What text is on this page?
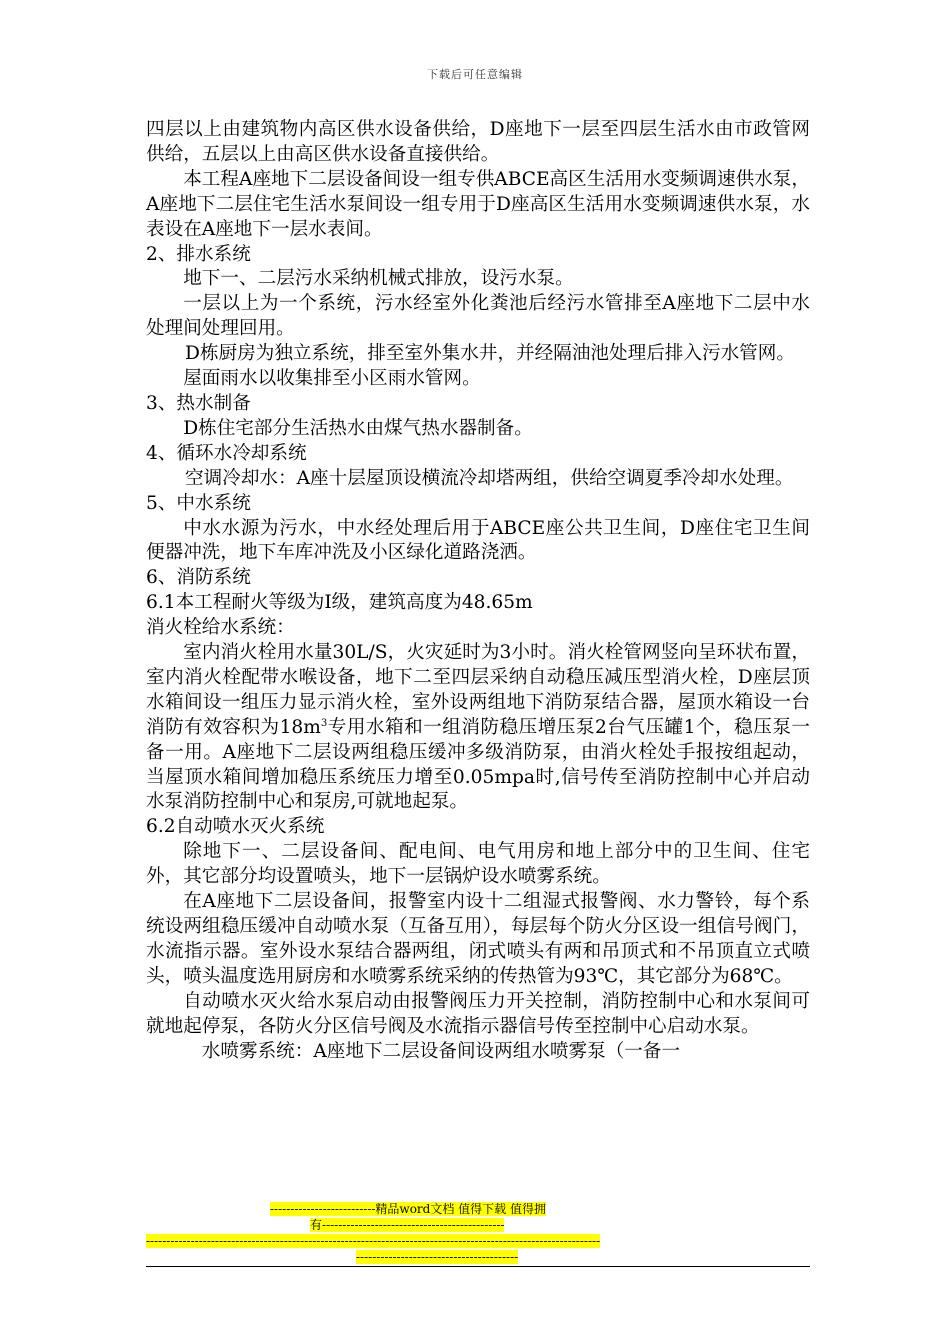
下载后可任意编辑

四层以上由建筑物内高区供水设备供给，D座地下一层至四层生活水由市政管网供给，五层以上由高区供水设备直接供给。

本工程A座地下二层设备间设一组专供ABCE高区生活用水变频调速供水泵，A座地下二层住宅生活水泵间设一组专用于D座高区生活用水变频调速供水泵，水表设在A座地下一层水表间。

2、排水系统

地下一、二层污水采纳机械式排放，设污水泵。

一层以上为一个系统，污水经室外化粪池后经污水管排至A座地下二层中水处理间处理回用。

D栋厨房为独立系统，排至室外集水井，并经隔油池处理后排入污水管网。

屋面雨水以收集排至小区雨水管网。

3、热水制备

D栋住宅部分生活热水由煤气热水器制备。

4、循环水冷却系统

空调冷却水：A座十层屋顶设横流冷却塔两组，供给空调夏季冷却水处理。

5、中水系统

中水水源为污水，中水经处理后用于ABCE座公共卫生间，D座住宅卫生间便器冲洗，地下车库冲洗及小区绿化道路浇洒。

6、消防系统

6.1本工程耐火等级为Ⅰ级，建筑高度为48.65m

消火栓给水系统：

室内消火栓用水量30L/S，火灾延时为3小时。消火栓管网竖向呈环状布置，室内消火栓配带水喉设备，地下二至四层采纳自动稳压减压型消火栓，D座层顶水箱间设一组压力显示消火栓，室外设两组地下消防泵结合器，屋顶水箱设一台消防有效容积为$18m^3$专用水箱和一组消防稳压增压泵2台气压罐1个，稳压泵一备一用。A座地下二层设两组稳压缓冲多级消防泵，由消火栓处手报按组起动，当屋顶水箱间增加稳压系统压力增至0.05mpa时,信号传至消防控制中心并启动水泵消防控制中心和泵房,可就地起泵。

6.2自动喷水灭火系统

除地下一、二层设备间、配电间、电气用房和地上部分中的卫生间、住宅外，其它部分均设置喷头，地下一层锅炉设水喷雾系统。

在A座地下二层设备间，报警室内设十二组湿式报警阀、水力警铃，每个系统设两组稳压缓冲自动喷水泵（互备互用），每层每个防火分区设一组信号阀门，水流指示器。室外设水泵结合器两组，闭式喷头有两和吊顶式和不吊顶直立式喷头，喷头温度选用厨房和水喷雾系统采纳的传热管为93℃，其它部分为68℃。

自动喷水灭火给水泵启动由报警阀压力开关控制，消防控制中心和水泵间可就地起停泵，各防火分区信号阀及水流指示器信号传至控制中心启动水泵。

水喷雾系统：A座地下二层设备间设两组水喷雾泵（一备一

--------------------------精品word文档 值得下载 值得拥
有---------------------------------------------
----------------------------------------------------------------------------------------------------------------
----------------------------------------
